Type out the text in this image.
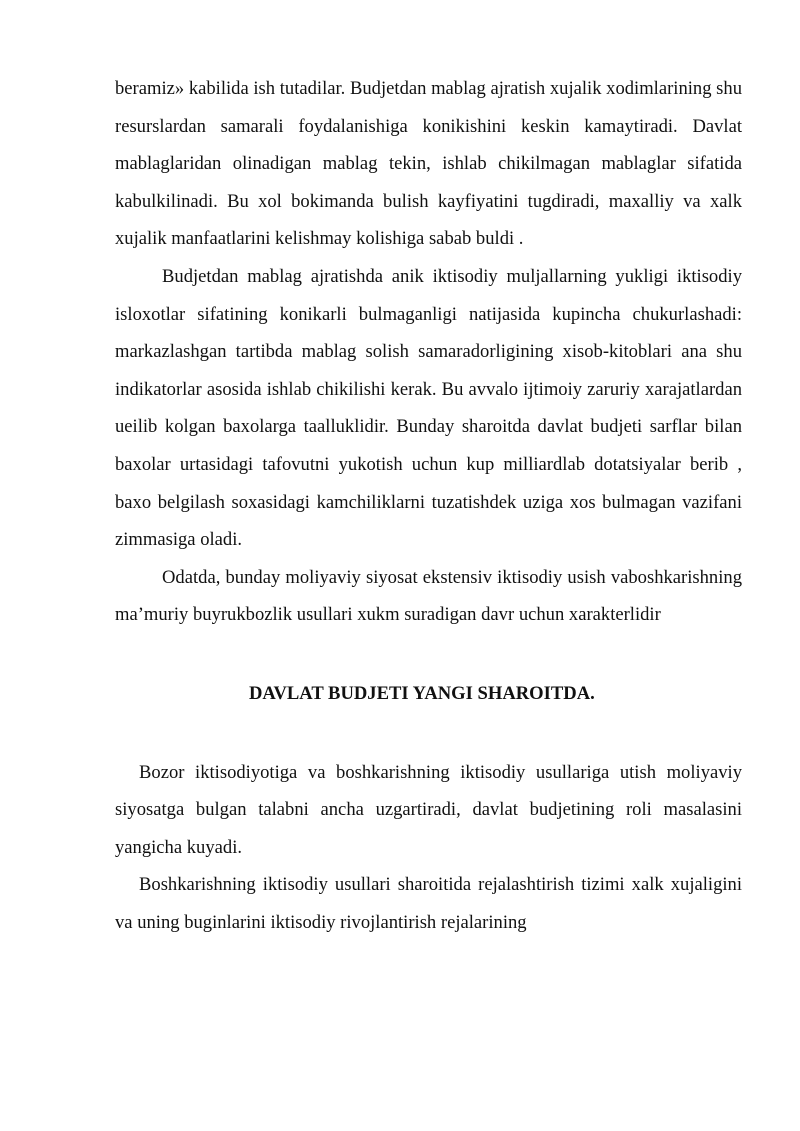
beramiz» kabilida ish tutadilar. Budjetdan mablag ajratish xujalik xodimlarining shu resurslardan samarali foydalanishiga konikishini keskin kamaytiradi. Davlat mablaglaridan olinadigan mablag tekin, ishlab chikilmagan mablaglar sifatida kabulkilinadi. Bu xol bokimanda bulish kayfiyatini tugdiradi, maxalliy va xalk xujalik manfaatlarini kelishmay kolishiga sabab buldi .

Budjetdan mablag ajratishda anik iktisodiy muljallarning yukligi iktisodiy isloxotlar sifatining konikarli bulmaganligi natijasida kupincha chukurlashadi: markazlashgan tartibda mablag solish samaradorligining xisob-kitoblari ana shu indikatorlar asosida ishlab chikilishi kerak. Bu avvalo ijtimoiy zaruriy xarajatlardan ueilib kolgan baxolarga taalluklidir. Bunday sharoitda davlat budjeti sarflar bilan baxolar urtasidagi tafovutni yukotish uchun kup milliardlab dotatsiyalar berib , baxo belgilash soxasidagi kamchiliklarni tuzatishdek uziga xos bulmagan vazifani zimmasiga oladi.

Odatda, bunday moliyaviy siyosat ekstensiv iktisodiy usish vaboshkarishning ma’muriy buyrukbozlik usullari xukm suradigan davr uchun xarakterlidir

DAVLAT BUDJETI YANGI SHAROITDA.

Bozor iktisodiyotiga va boshkarishning iktisodiy usullariga utish moliyaviy siyosatga bulgan talabni ancha uzgartiradi, davlat budjetining roli masalasini yangicha kuyadi.

Boshkarishning iktisodiy usullari sharoitida rejalashtirish tizimi xalk xujaligini va uning buginlarini iktisodiy rivojlantirish rejalarining
